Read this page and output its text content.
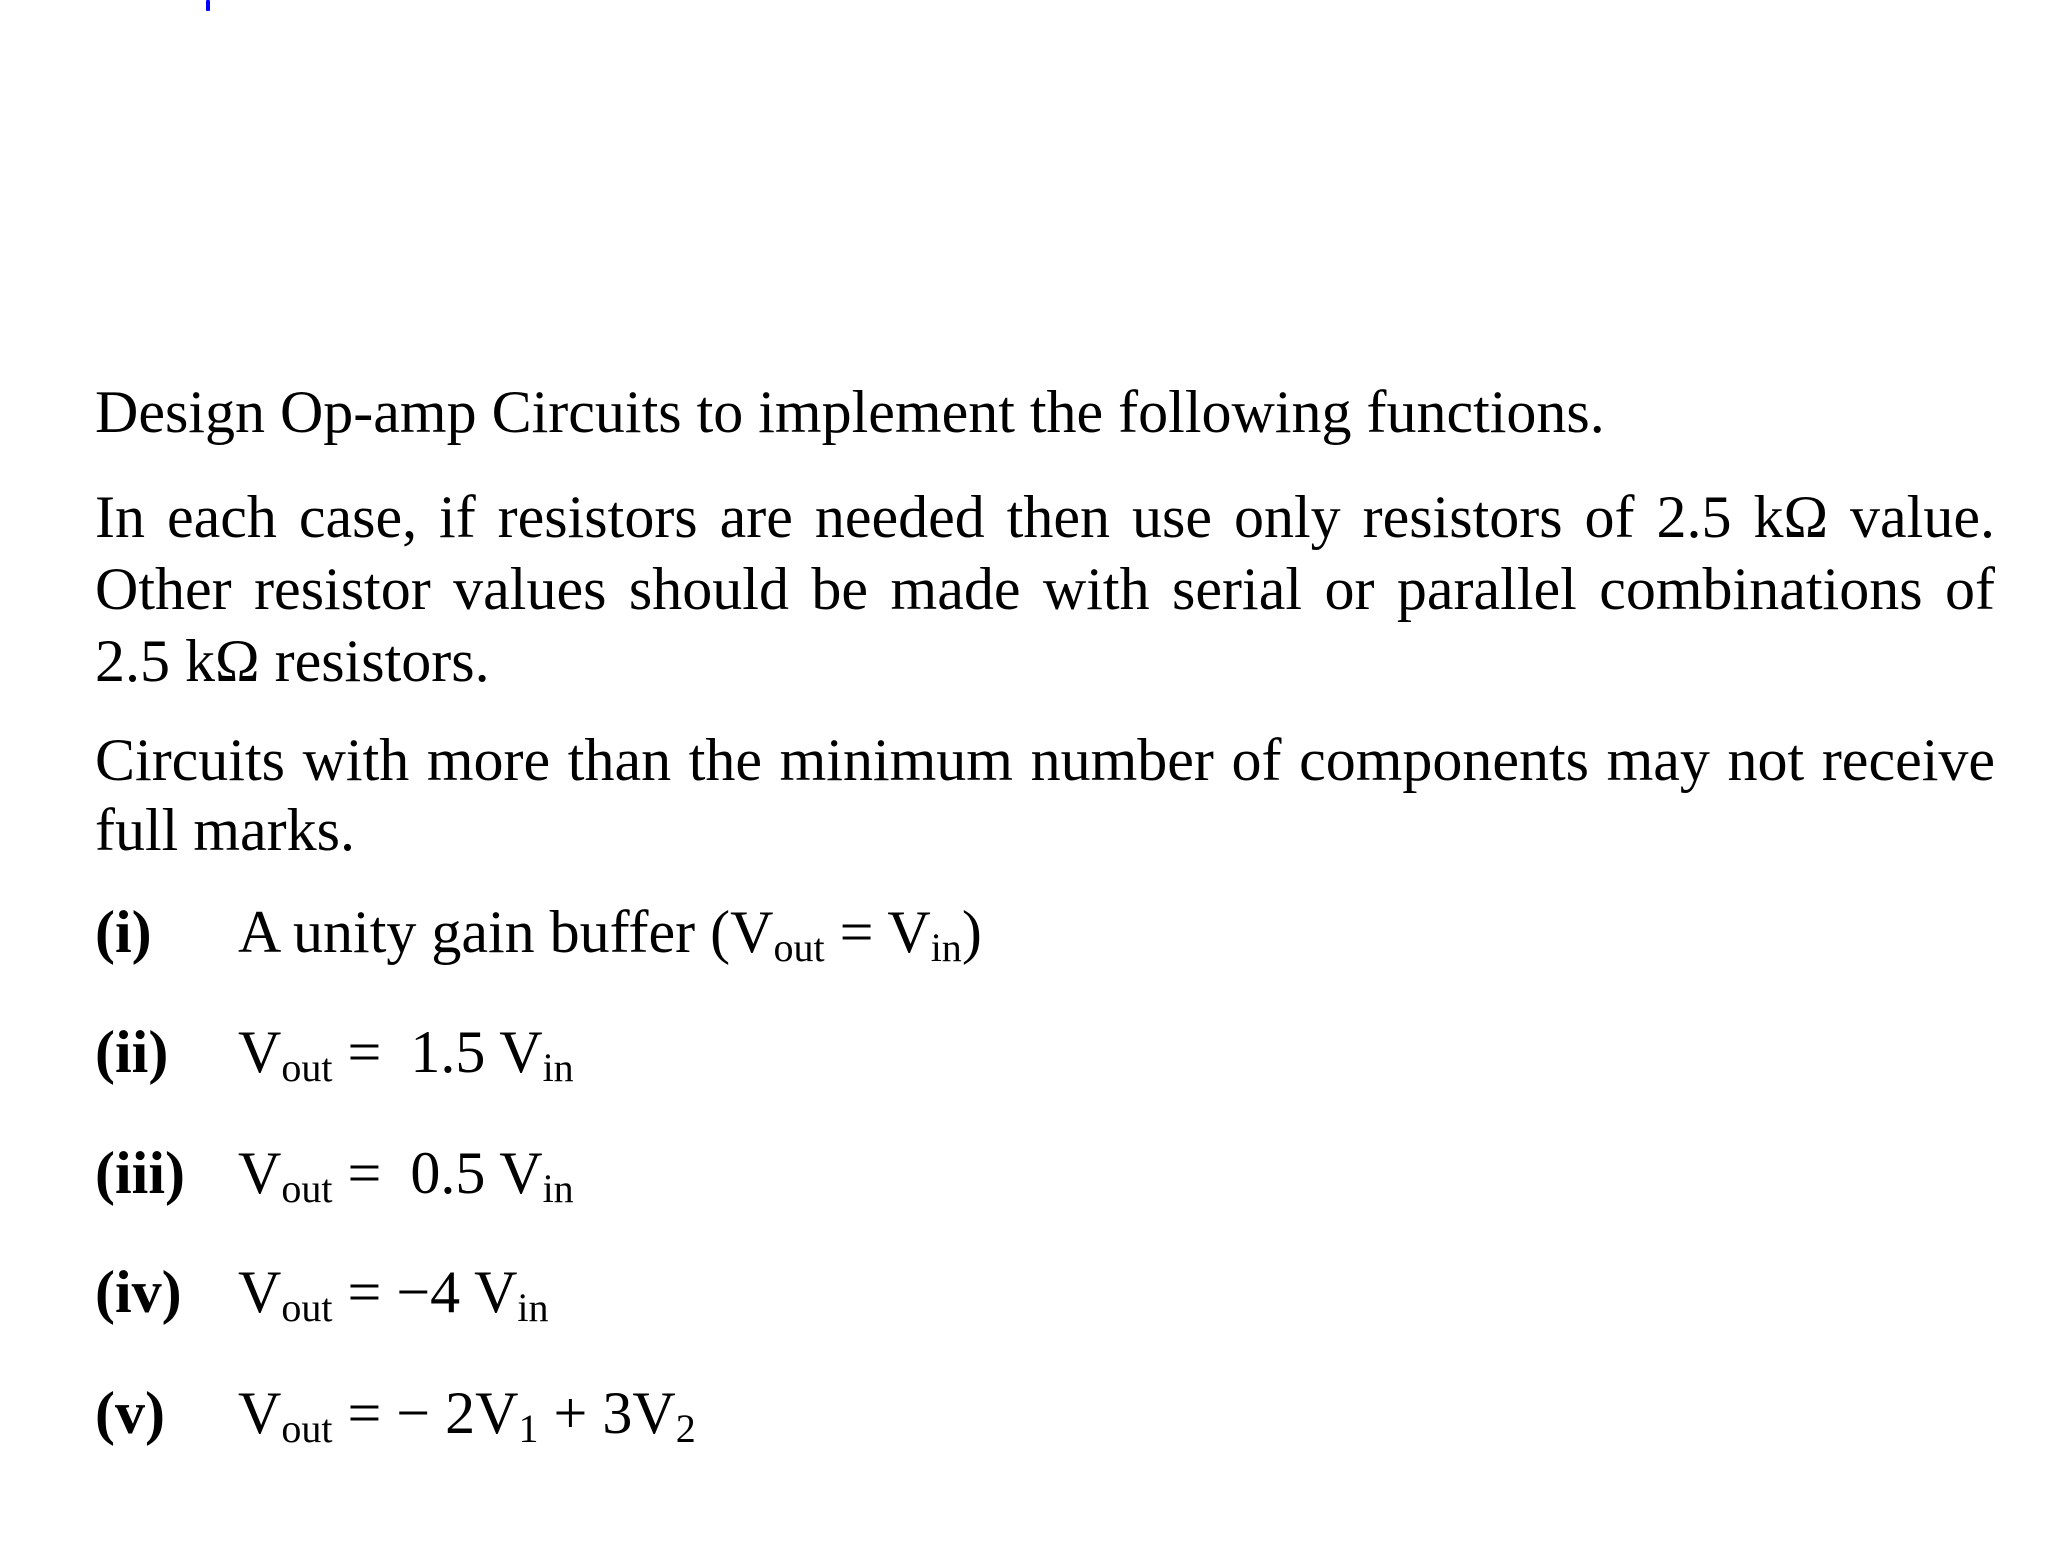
Design Op-amp Circuits to implement the following functions.

In each case, if resistors are needed then use only resistors of 2.5 kΩ value. Other resistor values should be made with serial or parallel combinations of 2.5 kΩ resistors.

Circuits with more than the minimum number of components may not receive full marks.

(i) A unity gain buffer (Vout = Vin)
(ii) Vout = 1.5 Vin
(iii) Vout = 0.5 Vin
(iv) Vout = −4 Vin
(v) Vout = − 2V1 + 3V2
